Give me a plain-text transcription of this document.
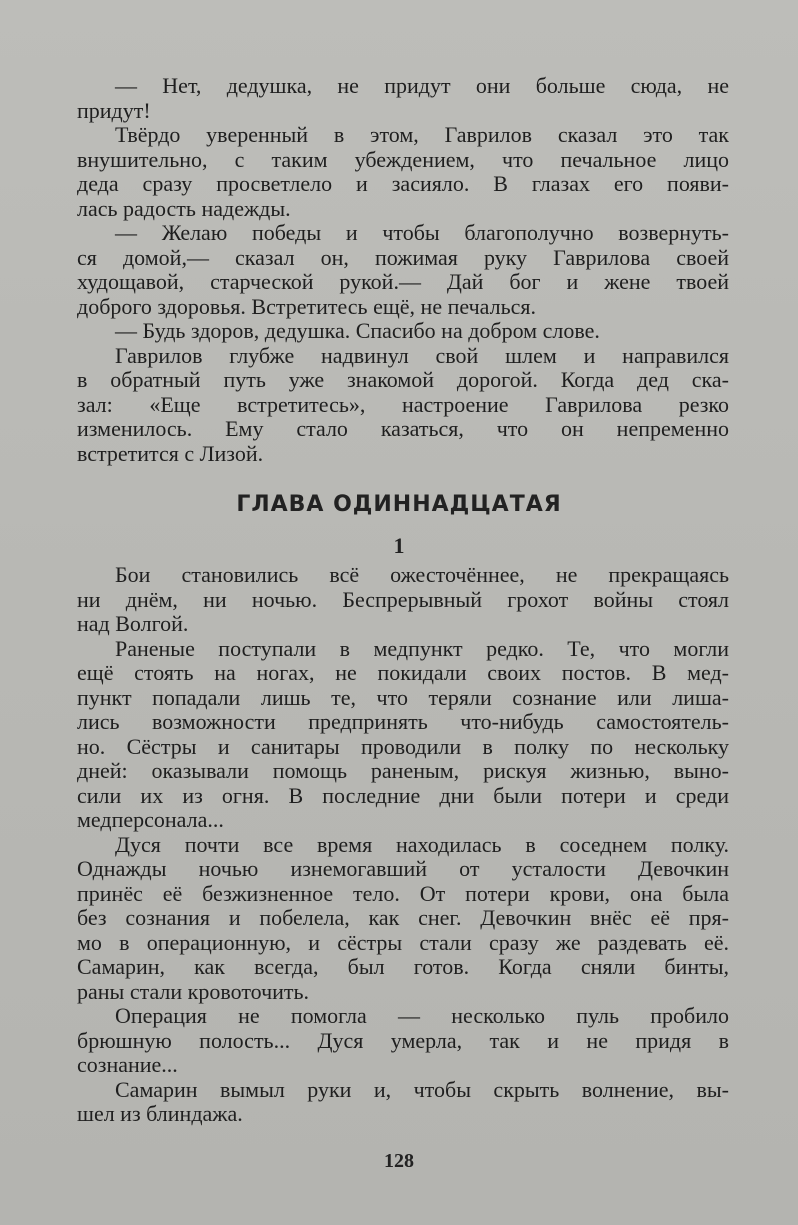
— Нет, дедушка, не придут они больше сюда, не
придут!
Твёрдо уверенный в этом, Гаврилов сказал это так
внушительно, с таким убеждением, что печальное лицо
деда сразу просветлело и засияло. В глазах его появи-
лась радость надежды.
— Желаю победы и чтобы благополучно возвернуть-
ся домой,— сказал он, пожимая руку Гаврилова своей
худощавой, старческой рукой.— Дай бог и жене твоей
доброго здоровья. Встретитесь ещё, не печалься.
— Будь здоров, дедушка. Спасибо на добром слове.
Гаврилов глубже надвинул свой шлем и направился
в обратный путь уже знакомой дорогой. Когда дед ска-
зал: «Еще встретитесь», настроение Гаврилова резко
изменилось. Ему стало казаться, что он непременно
встретится с Лизой.
ГЛАВА ОДИННАДЦАТАЯ
1
Бои становились всё ожесточённее, не прекращаясь
ни днём, ни ночью. Беспрерывный грохот войны стоял
над Волгой.
Раненые поступали в медпункт редко. Те, что могли
ещё стоять на ногах, не покидали своих постов. В мед-
пункт попадали лишь те, что теряли сознание или лиша-
лись возможности предпринять что-нибудь самостоятель-
но. Сёстры и санитары проводили в полку по нескольку
дней: оказывали помощь раненым, рискуя жизнью, выно-
сили их из огня. В последние дни были потери и среди
медперсонала...
Дуся почти все время находилась в соседнем полку.
Однажды ночью изнемогавший от усталости Девочкин
принёс её безжизненное тело. От потери крови, она была
без сознания и побелела, как снег. Девочкин внёс её пря-
мо в операционную, и сёстры стали сразу же раздевать её.
Самарин, как всегда, был готов. Когда сняли бинты,
раны стали кровоточить.
Операция не помогла — несколько пуль пробило
брюшную полость... Дуся умерла, так и не придя в
сознание...
Самарин вымыл руки и, чтобы скрыть волнение, вы-
шел из блиндажа.
128
